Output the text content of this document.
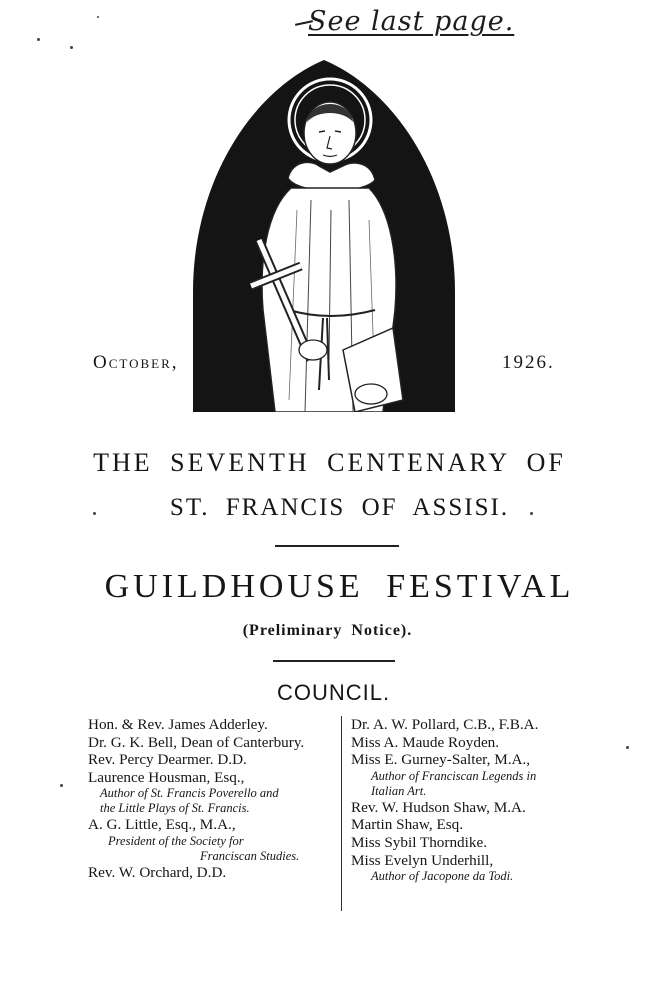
See last page.
October,	1926.
THE SEVENTH CENTENARY OF
ST. FRANCIS OF ASSISI.
GUILDHOUSE FESTIVAL
(Preliminary Notice).
COUNCIL.
Hon. & Rev. James Adderley.
Dr. G. K. Bell, Dean of Canterbury.
Rev. Percy Dearmer. D.D.
Laurence Housman, Esq.,
Author of St. Francis Poverello and
the Little Plays of St. Francis.
A. G. Little, Esq., M.A.,
President of the Society for
Franciscan Studies.
Rev. W. Orchard, D.D.
Dr. A. W. Pollard, C.B., F.B.A.
Miss A. Maude Royden.
Miss E. Gurney-Salter, M.A.,
Author of Franciscan Legends in
Italian Art.
Rev. W. Hudson Shaw, M.A.
Martin Shaw, Esq.
Miss Sybil Thorndike.
Miss Evelyn Underhill,
Author of Jacopone da Todi.
